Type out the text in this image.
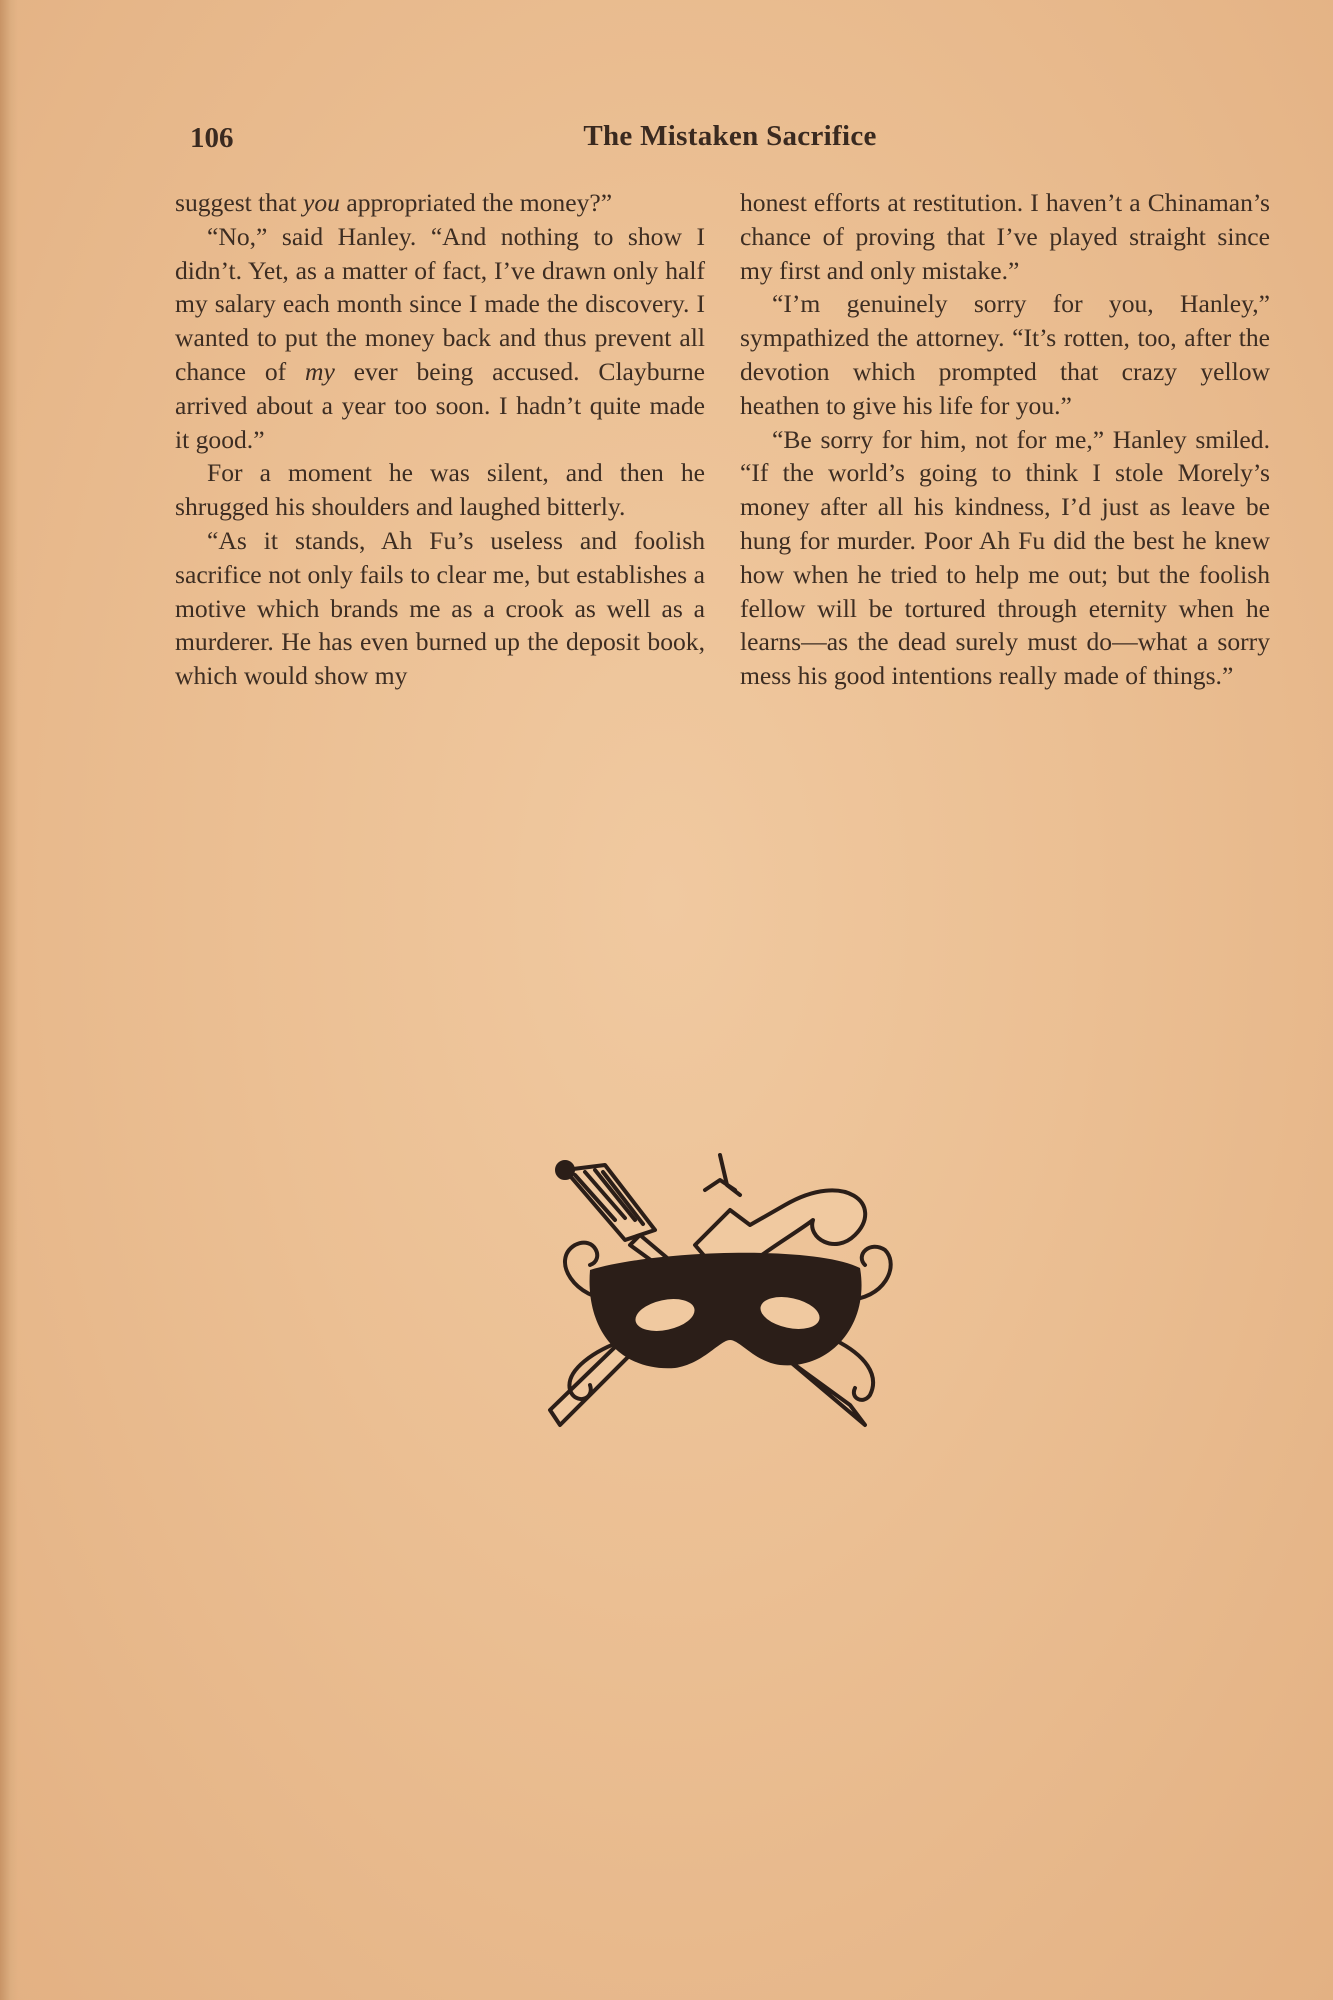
106	The Mistaken Sacrifice

suggest that you appropriated the money?”

“No,” said Hanley. “And nothing to show I didn’t. Yet, as a matter of fact, I’ve drawn only half my salary each month since I made the discovery. I wanted to put the money back and thus prevent all chance of my ever being accused. Clayburne arrived about a year too soon. I hadn’t quite made it good.”

For a moment he was silent, and then he shrugged his shoulders and laughed bitterly.

“As it stands, Ah Fu’s useless and foolish sacrifice not only fails to clear me, but establishes a motive which brands me as a crook as well as a murderer. He has even burned up the deposit book, which would show my

honest efforts at restitution. I haven’t a Chinaman’s chance of proving that I’ve played straight since my first and only mistake.”

“I’m genuinely sorry for you, Hanley,” sympathized the attorney. “It’s rotten, too, after the devotion which prompted that crazy yellow heathen to give his life for you.”

“Be sorry for him, not for me,” Hanley smiled. “If the world’s going to think I stole Morely’s money after all his kindness, I’d just as leave be hung for murder. Poor Ah Fu did the best he knew how when he tried to help me out; but the foolish fellow will be tortured through eternity when he learns—as the dead surely must do—what a sorry mess his good intentions really made of things.”
